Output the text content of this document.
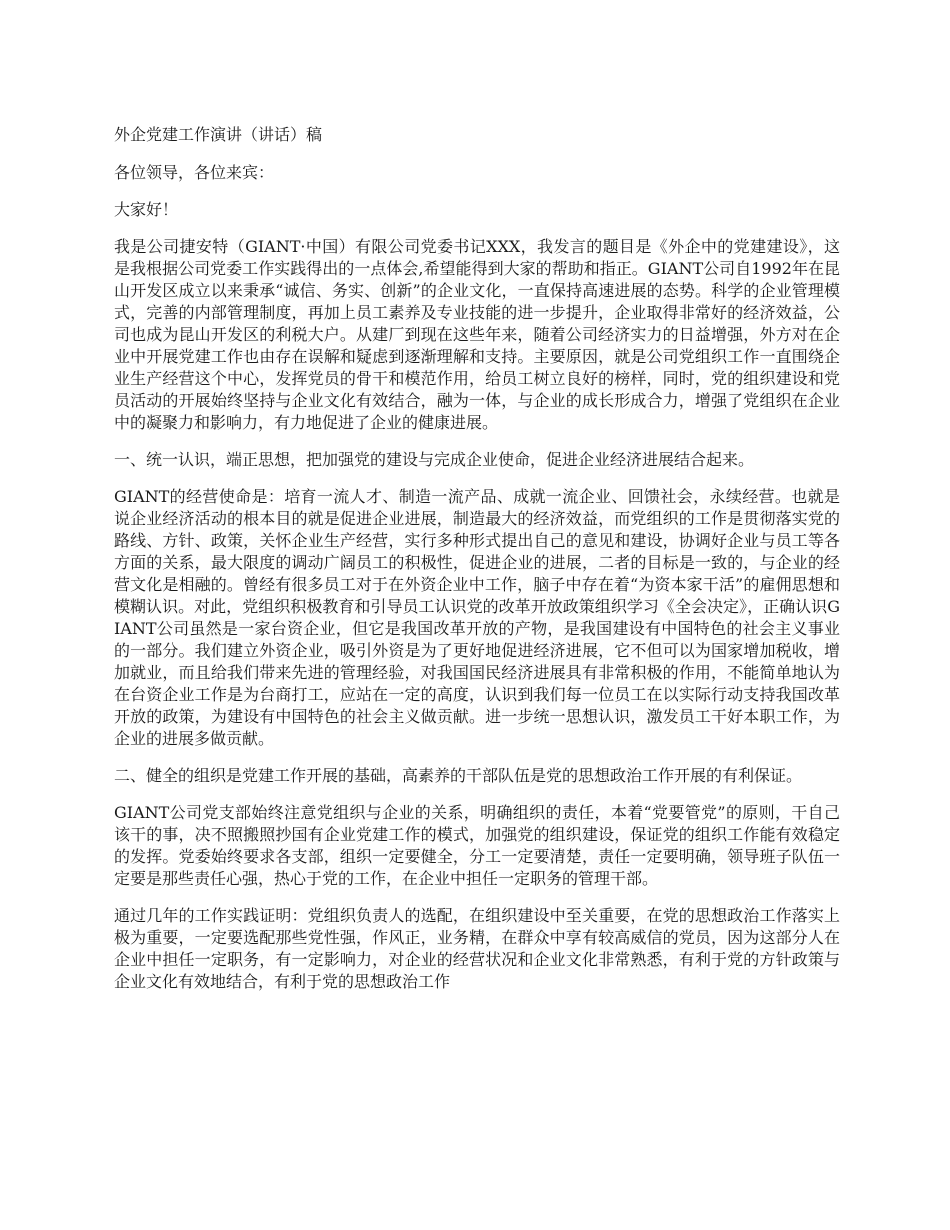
外企党建工作演讲（讲话）稿

各位领导，各位来宾：

大家好！

我是公司捷安特（GIANT·中国）有限公司党委书记XXX，我发言的题目是《外企中的党建建设》，这是我根据公司党委工作实践得出的一点体会,希望能得到大家的帮助和指正。GIANT公司自1992年在昆山开发区成立以来秉承“诚信、务实、创新”的企业文化，一直保持高速进展的态势。科学的企业管理模式，完善的内部管理制度，再加上员工素养及专业技能的进一步提升，企业取得非常好的经济效益，公司也成为昆山开发区的利税大户。从建厂到现在这些年来，随着公司经济实力的日益增强，外方对在企业中开展党建工作也由存在误解和疑虑到逐渐理解和支持。主要原因，就是公司党组织工作一直围绕企业生产经营这个中心，发挥党员的骨干和模范作用，给员工树立良好的榜样，同时，党的组织建设和党员活动的开展始终坚持与企业文化有效结合，融为一体，与企业的成长形成合力，增强了党组织在企业中的凝聚力和影响力，有力地促进了企业的健康进展。

一、统一认识，端正思想，把加强党的建设与完成企业使命，促进企业经济进展结合起来。

GIANT的经营使命是：培育一流人才、制造一流产品、成就一流企业、回馈社会，永续经营。也就是说企业经济活动的根本目的就是促进企业进展，制造最大的经济效益，而党组织的工作是贯彻落实党的路线、方针、政策，关怀企业生产经营，实行多种形式提出自己的意见和建设，协调好企业与员工等各方面的关系，最大限度的调动广阔员工的积极性，促进企业的进展，二者的目标是一致的，与企业的经营文化是相融的。曾经有很多员工对于在外资企业中工作，脑子中存在着“为资本家干活”的雇佣思想和模糊认识。对此，党组织积极教育和引导员工认识党的改革开放政策组织学习《全会决定》，正确认识GIANT公司虽然是一家台资企业，但它是我国改革开放的产物，是我国建设有中国特色的社会主义事业的一部分。我们建立外资企业，吸引外资是为了更好地促进经济进展，它不但可以为国家增加税收，增加就业，而且给我们带来先进的管理经验，对我国国民经济进展具有非常积极的作用，不能简单地认为在台资企业工作是为台商打工，应站在一定的高度，认识到我们每一位员工在以实际行动支持我国改革开放的政策，为建设有中国特色的社会主义做贡献。进一步统一思想认识，激发员工干好本职工作，为企业的进展多做贡献。

二、健全的组织是党建工作开展的基础，高素养的干部队伍是党的思想政治工作开展的有利保证。

GIANT公司党支部始终注意党组织与企业的关系，明确组织的责任，本着“党要管党”的原则，干自己该干的事，决不照搬照抄国有企业党建工作的模式，加强党的组织建设，保证党的组织工作能有效稳定的发挥。党委始终要求各支部，组织一定要健全，分工一定要清楚，责任一定要明确，领导班子队伍一定要是那些责任心强，热心于党的工作，在企业中担任一定职务的管理干部。

通过几年的工作实践证明：党组织负责人的选配，在组织建设中至关重要，在党的思想政治工作落实上极为重要，一定要选配那些党性强，作风正，业务精，在群众中享有较高威信的党员，因为这部分人在企业中担任一定职务，有一定影响力，对企业的经营状况和企业文化非常熟悉，有利于党的方针政策与企业文化有效地结合，有利于党的思想政治工作
